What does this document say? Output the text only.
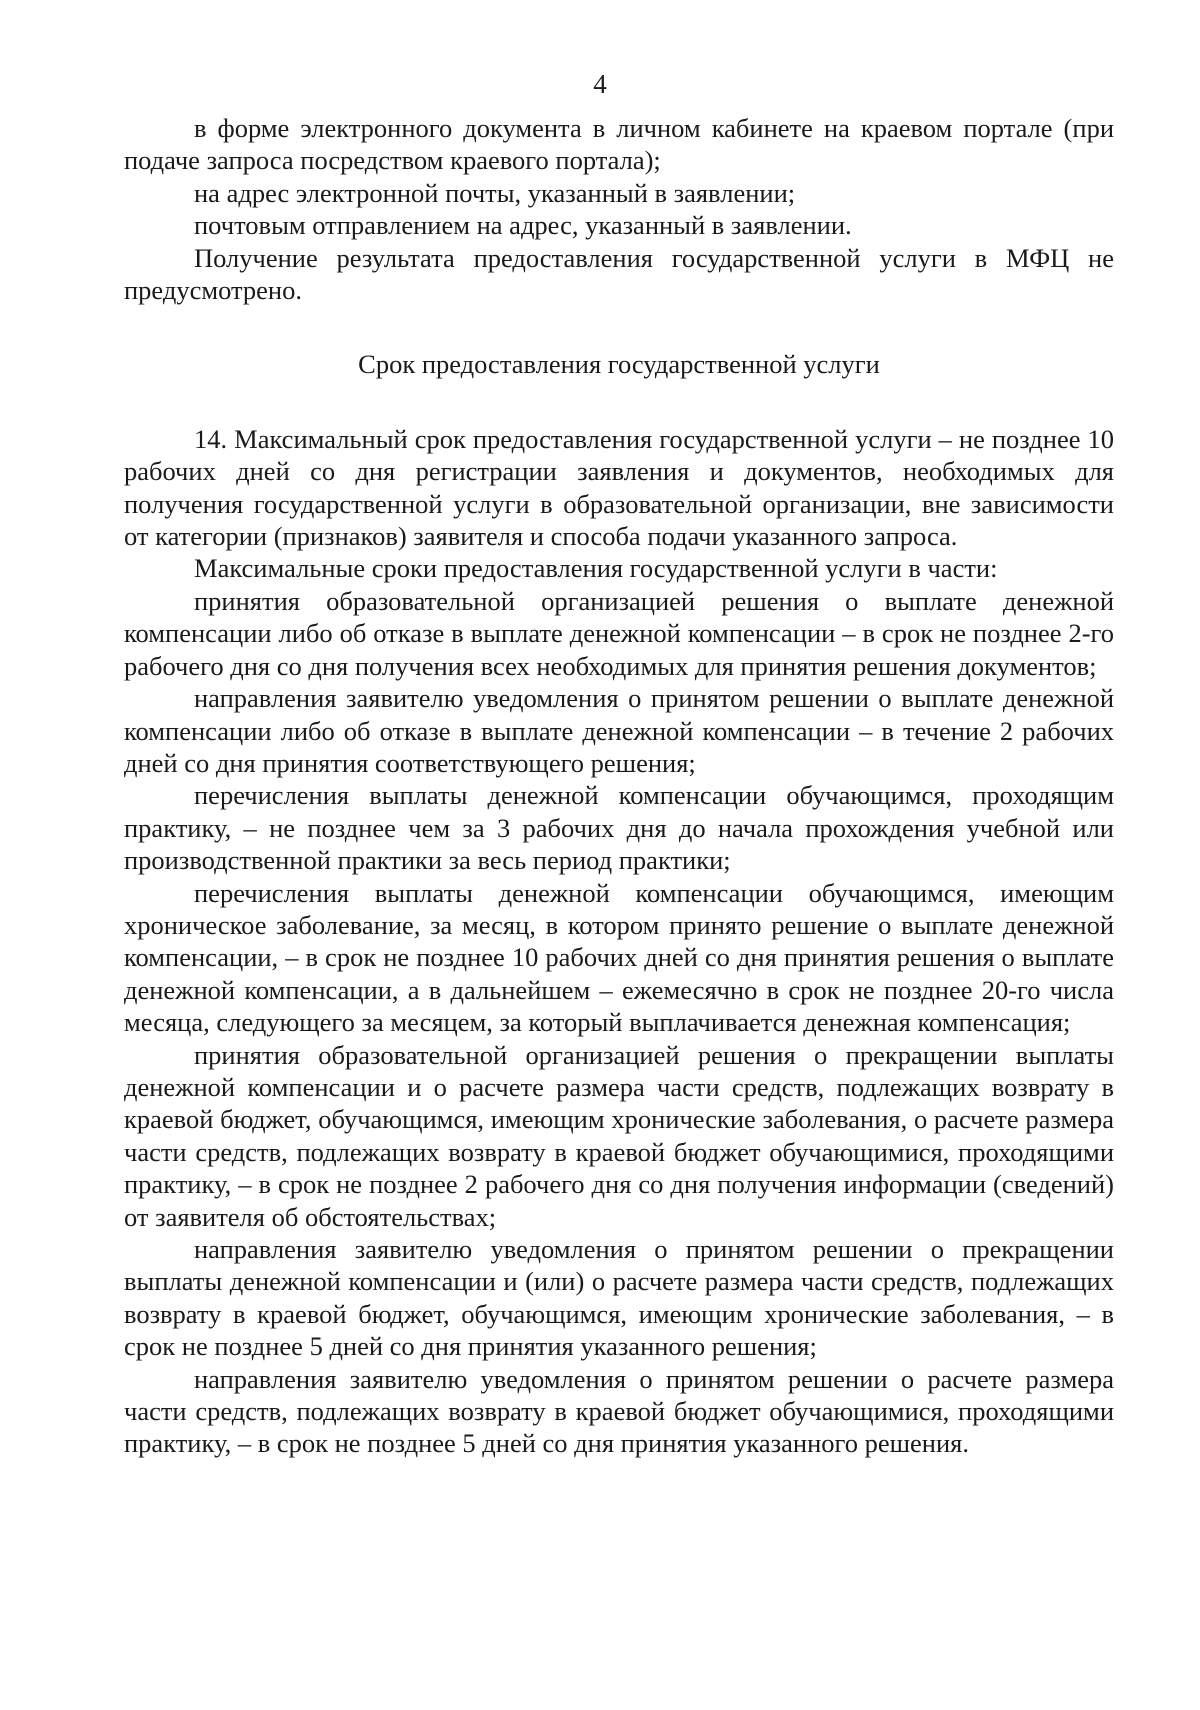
4

в форме электронного документа в личном кабинете на краевом портале (при подаче запроса посредством краевого портала);

на адрес электронной почты, указанный в заявлении;

почтовым отправлением на адрес, указанный в заявлении.

Получение результата предоставления государственной услуги в МФЦ не предусмотрено.

Срок предоставления государственной услуги

14. Максимальный срок предоставления государственной услуги – не позднее 10 рабочих дней со дня регистрации заявления и документов, необходимых для получения государственной услуги в образовательной организации, вне зависимости от категории (признаков) заявителя и способа подачи указанного запроса.

Максимальные сроки предоставления государственной услуги в части:

принятия образовательной организацией решения о выплате денежной компенсации либо об отказе в выплате денежной компенсации – в срок не позднее 2-го рабочего дня со дня получения всех необходимых для принятия решения документов;

направления заявителю уведомления о принятом решении о выплате денежной компенсации либо об отказе в выплате денежной компенсации – в течение 2 рабочих дней со дня принятия соответствующего решения;

перечисления выплаты денежной компенсации обучающимся, проходящим практику, – не позднее чем за 3 рабочих дня до начала прохождения учебной или производственной практики за весь период практики;

перечисления выплаты денежной компенсации обучающимся, имеющим хроническое заболевание, за месяц, в котором принято решение о выплате денежной компенсации, – в срок не позднее 10 рабочих дней со дня принятия решения о выплате денежной компенсации, а в дальнейшем – ежемесячно в срок не позднее 20-го числа месяца, следующего за месяцем, за который выплачивается денежная компенсация;

принятия образовательной организацией решения о прекращении выплаты денежной компенсации и о расчете размера части средств, подлежащих возврату в краевой бюджет, обучающимся, имеющим хронические заболевания, о расчете размера части средств, подлежащих возврату в краевой бюджет обучающимися, проходящими практику, – в срок не позднее 2 рабочего дня со дня получения информации (сведений) от заявителя об обстоятельствах;

направления заявителю уведомления о принятом решении о прекращении выплаты денежной компенсации и (или) о расчете размера части средств, подлежащих возврату в краевой бюджет, обучающимся, имеющим хронические заболевания, – в срок не позднее 5 дней со дня принятия указанного решения;

направления заявителю уведомления о принятом решении о расчете размера части средств, подлежащих возврату в краевой бюджет обучающимися, проходящими практику, – в срок не позднее 5 дней со дня принятия указанного решения.
